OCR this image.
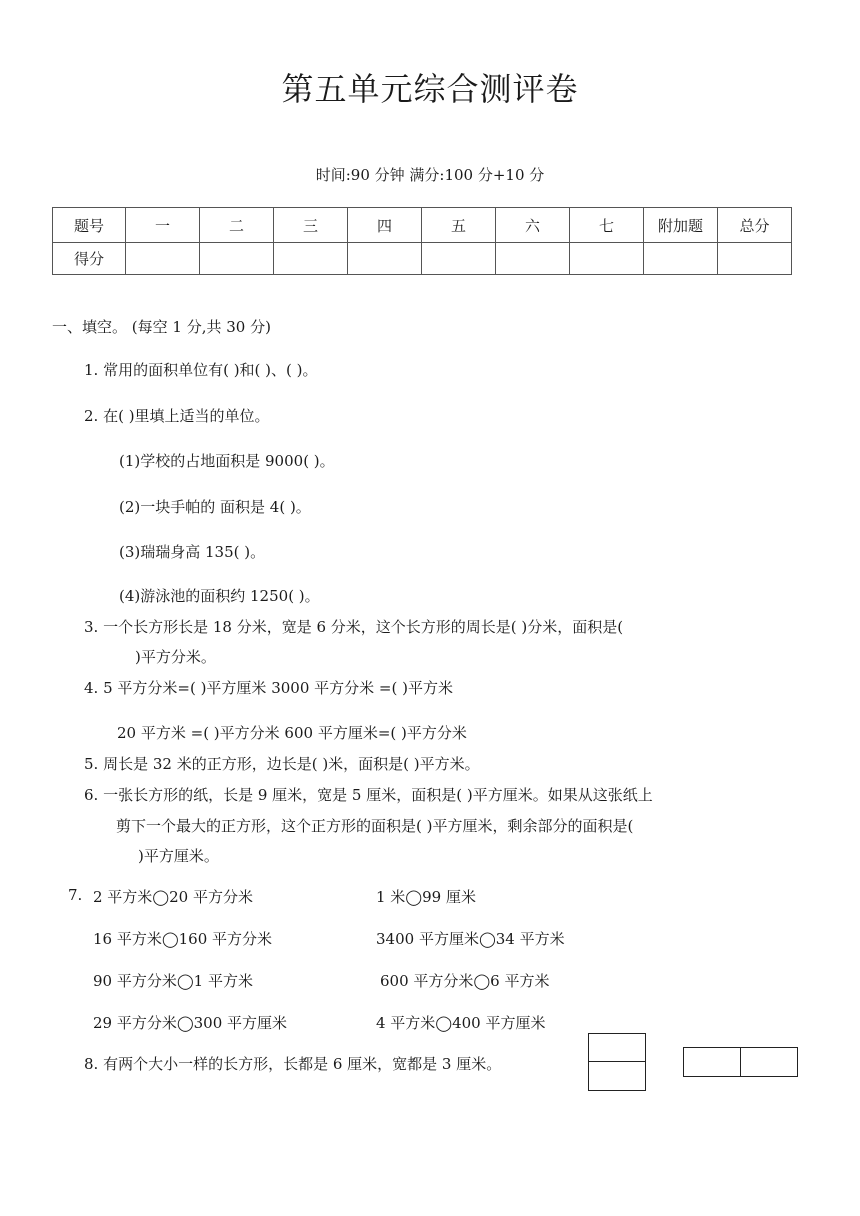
第五单元综合测评卷
时间:90 分钟 满分:100 分+10 分
题号	一	二	三	四	五	六	七	附加题	总分
得分									
一、填空。 (每空 1 分,共 30 分)
1. 常用的面积单位有( )和( )、( )。
2. 在( )里填上适当的单位。
(1)学校的占地面积是 9000( )。
(2)一块手帕的 面积是 4( )。
(3)瑞瑞身高 135( )。
(4)游泳池的面积约 1250( )。
3. 一个长方形长是 18 分米，宽是 6 分米，这个长方形的周长是( )分米，面积是(
)平方分米。
4. 5 平方分米=( )平方厘米 3000 平方分米 =( )平方米
20 平方米 =( )平方分米 600 平方厘米=( )平方分米
5. 周长是 32 米的正方形，边长是( )米，面积是( )平方米。
6. 一张长方形的纸，长是 9 厘米，宽是 5 厘米，面积是( )平方厘米。如果从这张纸上
剪下一个最大的正方形，这个正方形的面积是( )平方厘米，剩余部分的面积是(
)平方厘米。
7. 2 平方米◯20 平方分米	1 米◯99 厘米
16 平方米◯160 平方分米	3400 平方厘米◯34 平方米
90 平方分米◯1 平方米	600 平方分米◯6 平方米
29 平方分米◯300 平方厘米	4 平方米◯400 平方厘米
8. 有两个大小一样的长方形，长都是 6 厘米，宽都是 3 厘米。
